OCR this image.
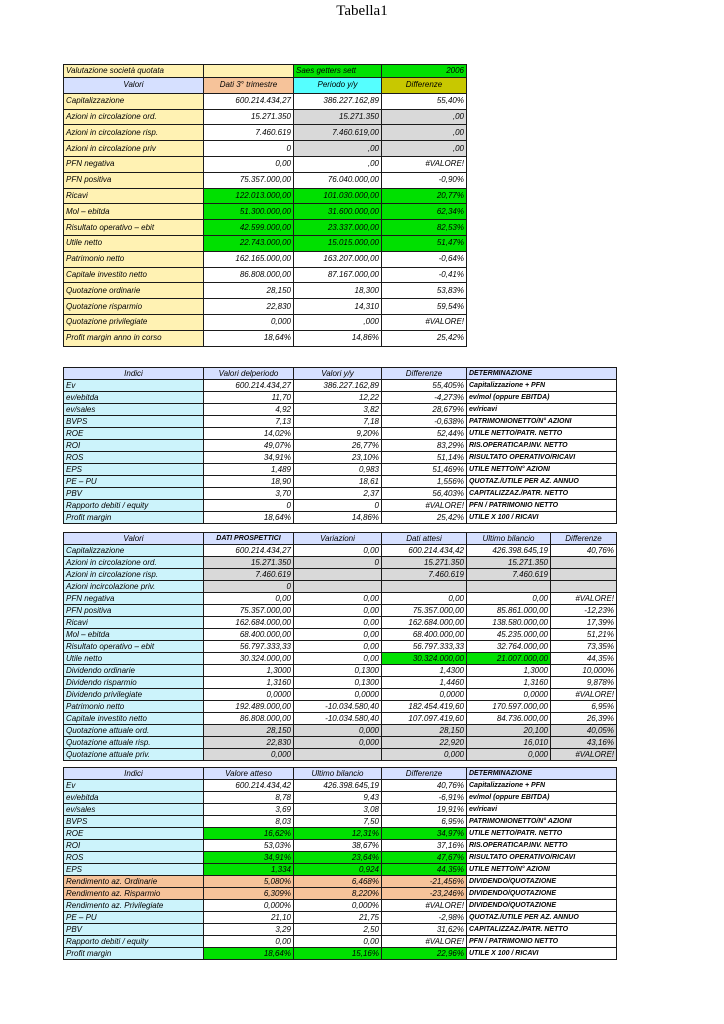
Tabella1
Valutazione società quotata		Saes getters sett	2006
Valori	Dati 3° trimestre	Periodo y/y	Differenze
Capitalizzazione	600.214.434,27	386.227.162,89	55,40%
Azioni in circolazione ord.	15.271.350	15.271.350	,00
Azioni in circolazione risp.	7.460.619	7.460.619,00	,00
Azioni in circolazione priv	0	,00	,00
PFN negativa	0,00	,00	#VALORE!
PFN positiva	75.357.000,00	76.040.000,00	-0,90%
Ricavi	122.013.000,00	101.030.000,00	20,77%
Mol – ebitda	51.300.000,00	31.600.000,00	62,34%
Risultato operativo – ebit	42.599.000,00	23.337.000,00	82,53%
Utile netto	22.743.000,00	15.015.000,00	51,47%
Patrimonio netto	162.165.000,00	163.207.000,00	-0,64%
Capitale investito netto	86.808.000,00	87.167.000,00	-0,41%
Quotazione ordinarie	28,150	18,300	53,83%
Quotazione risparmio	22,830	14,310	59,54%
Quotazione privilegiate	0,000	,000	#VALORE!
Profit margin anno in corso	18,64%	14,86%	25,42%
Indici	Valori delperiodo	Valori y/y	Differenze	DETERMINAZIONE
Ev	600.214.434,27	386.227.162,89	55,405%	Capitalizzazione + PFN
ev/ebitda	11,70	12,22	-4,273%	ev/mol (oppure EBITDA)
ev/sales	4,92	3,82	28,679%	ev/ricavi
BVPS	7,13	7,18	-0,638%	PATRIMONIONETTO/N° AZIONI
ROE	14,02%	9,20%	52,44%	UTILE NETTO/PATR. NETTO
ROI	49,07%	26,77%	83,29%	RIS.OPERATICAP.INV. NETTO
ROS	34,91%	23,10%	51,14%	RISULTATO OPERATIVO/RICAVI
EPS	1,489	0,983	51,469%	UTILE NETTO/N° AZIONI
PE – PU	18,90	18,61	1,556%	QUOTAZ./UTILE PER AZ. ANNUO
PBV	3,70	2,37	56,403%	CAPITALIZZAZ./PATR. NETTO
Rapporto debiti / equity	0	0	#VALORE!	PFN / PATRIMONIO NETTO
Profit margin	18,64%	14,86%	25,42%	UTILE X 100 / RICAVI
Valori	DATI PROSPETTICI	Variazioni	Dati attesi	Ultimo bilancio	Differenze
Capitalizzazione	600.214.434,27	0,00	600.214.434,42	426.398.645,19	40,76%
Azioni in circolazione ord.	15.271.350	0	15.271.350	15.271.350	
Azioni in circolazione risp.	7.460.619		7.460.619	7.460.619	
Azioni incircolazione priv.	0				
PFN negativa	0,00	0,00	0,00	0,00	#VALORE!
PFN positiva	75.357.000,00	0,00	75.357.000,00	85.861.000,00	-12,23%
Ricavi	162.684.000,00	0,00	162.684.000,00	138.580.000,00	17,39%
Mol – ebitda	68.400.000,00	0,00	68.400.000,00	45.235.000,00	51,21%
Risultato operativo – ebit	56.797.333,33	0,00	56.797.333,33	32.764.000,00	73,35%
Utile netto	30.324.000,00	0,00	30.324.000,00	21.007.000,00	44,35%
Dividendo ordinarie	1,3000	0,1300	1,4300	1,3000	10,000%
Dividendo risparmio	1,3160	0,1300	1,4460	1,3160	9,878%
Dividendo privilegiate	0,0000	0,0000	0,0000	0,0000	#VALORE!
Patrimonio netto	192.489.000,00	-10.034.580,40	182.454.419,60	170.597.000,00	6,95%
Capitale investito netto	86.808.000,00	-10.034.580,40	107.097.419,60	84.736.000,00	26,39%
Quotazione attuale ord.	28,150	0,000	28,150	20,100	40,05%
Quotazione attuale risp.	22,830	0,000	22,920	16,010	43,16%
Quotazione attuale priv.	0,000		0,000	0,000	#VALORE!
Indici	Valore atteso	Ultimo bilancio	Differenze	DETERMINAZIONE
Ev	600.214.434,42	426.398.645,19	40,76%	Capitalizzazione + PFN
ev/ebitda	8,78	9,43	-6,91%	ev/mol (oppure EBITDA)
ev/sales	3,69	3,08	19,91%	ev/ricavi
BVPS	8,03	7,50	6,95%	PATRIMONIONETTO/N° AZIONI
ROE	16,62%	12,31%	34,97%	UTILE NETTO/PATR. NETTO
ROI	53,03%	38,67%	37,16%	RIS.OPERATICAP.INV. NETTO
ROS	34,91%	23,64%	47,67%	RISULTATO OPERATIVO/RICAVI
EPS	1,334	0,924	44,35%	UTILE NETTO/N° AZIONI
Rendimento az. Ordinarie	5,080%	6,468%	-21,456%	DIVIDENDO/QUOTAZIONE
Rendimento az. Risparmio	6,309%	8,220%	-23,246%	DIVIDENDO/QUOTAZIONE
Rendimento az. Privilegiate	0,000%	0,000%	#VALORE!	DIVIDENDO/QUOTAZIONE
PE – PU	21,10	21,75	-2,98%	QUOTAZ./UTILE PER AZ. ANNUO
PBV	3,29	2,50	31,62%	CAPITALIZZAZ./PATR. NETTO
Rapporto debiti / equity	0,00	0,00	#VALORE!	PFN / PATRIMONIO NETTO
Profit margin	18,64%	15,16%	22,96%	UTILE X 100 / RICAVI
